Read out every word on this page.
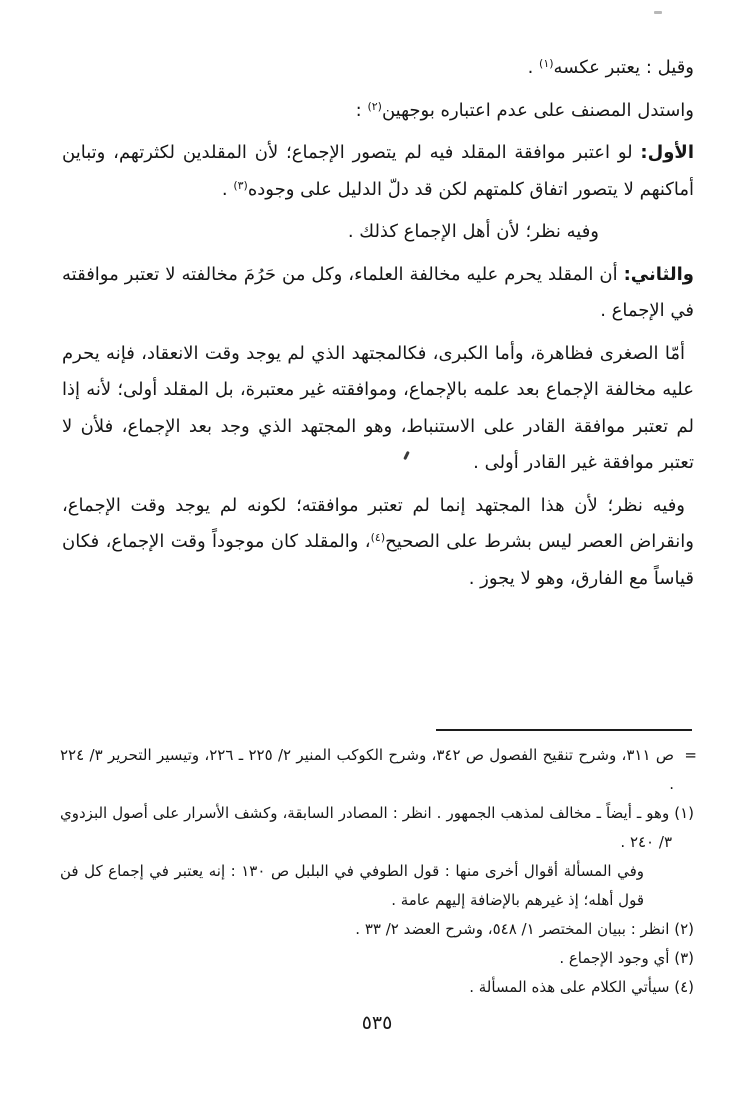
وقيل : يعتبر عكسه$^{(١)}$ .

واستدل المصنف على عدم اعتباره بوجهين$^{(٢)}$ :

الأول: لو اعتبر موافقة المقلد فيه لم يتصور الإجماع؛ لأن المقلدين لكثرتهم، وتباين أماكنهم لا يتصور اتفاق كلمتهم لكن قد دلّ الدليل على وجوده$^{(٣)}$ .

وفيه نظر؛ لأن أهل الإجماع كذلك .

والثاني: أن المقلد يحرم عليه مخالفة العلماء، وكل من حَرُمَ مخالفته لا تعتبر موافقته في الإجماع .

أمّا الصغرى فظاهرة، وأما الكبرى، فكالمجتهد الذي لم يوجد وقت الانعقاد، فإنه يحرم عليه مخالفة الإجماع بعد علمه بالإجماع، وموافقته غير معتبرة، بل المقلد أولى؛ لأنه إذا لم تعتبر موافقة القادر على الاستنباط، وهو المجتهد الذي وجد بعد الإجماع، فلأن لا تعتبر موافقة غير القادر أولى .

وفيه نظر؛ لأن هذا المجتهد إنما لم تعتبر موافقته؛ لكونه لم يوجد وقت الإجماع، وانقراض العصر ليس بشرط على الصحيح$^{(٤)}$، والمقلد كان موجوداً وقت الإجماع، فكان قياساً مع الفارق، وهو لا يجوز .

=
ص ٣١١، وشرح تنقيح الفصول ص ٣٤٢، وشرح الكوكب المنير ٢/ ٢٢٥ ـ ٢٢٦، وتيسير التحرير ٣/ ٢٢٤ .

(١) وهو ـ أيضاً ـ مخالف لمذهب الجمهور . انظر : المصادر السابقة، وكشف الأسرار على أصول البزدوي ٣/ ٢٤٠ .

وفي المسألة أقوال أخرى منها : قول الطوفي في البلبل ص ١٣٠ : إنه يعتبر في إجماع كل فن قول أهله؛ إذ غيرهم بالإضافة إليهم عامة .

(٢) انظر : ببيان المختصر ١/ ٥٤٨، وشرح العضد ٢/ ٣٣ .

(٣) أي وجود الإجماع .

(٤) سيأتي الكلام على هذه المسألة .

٥٣٥
